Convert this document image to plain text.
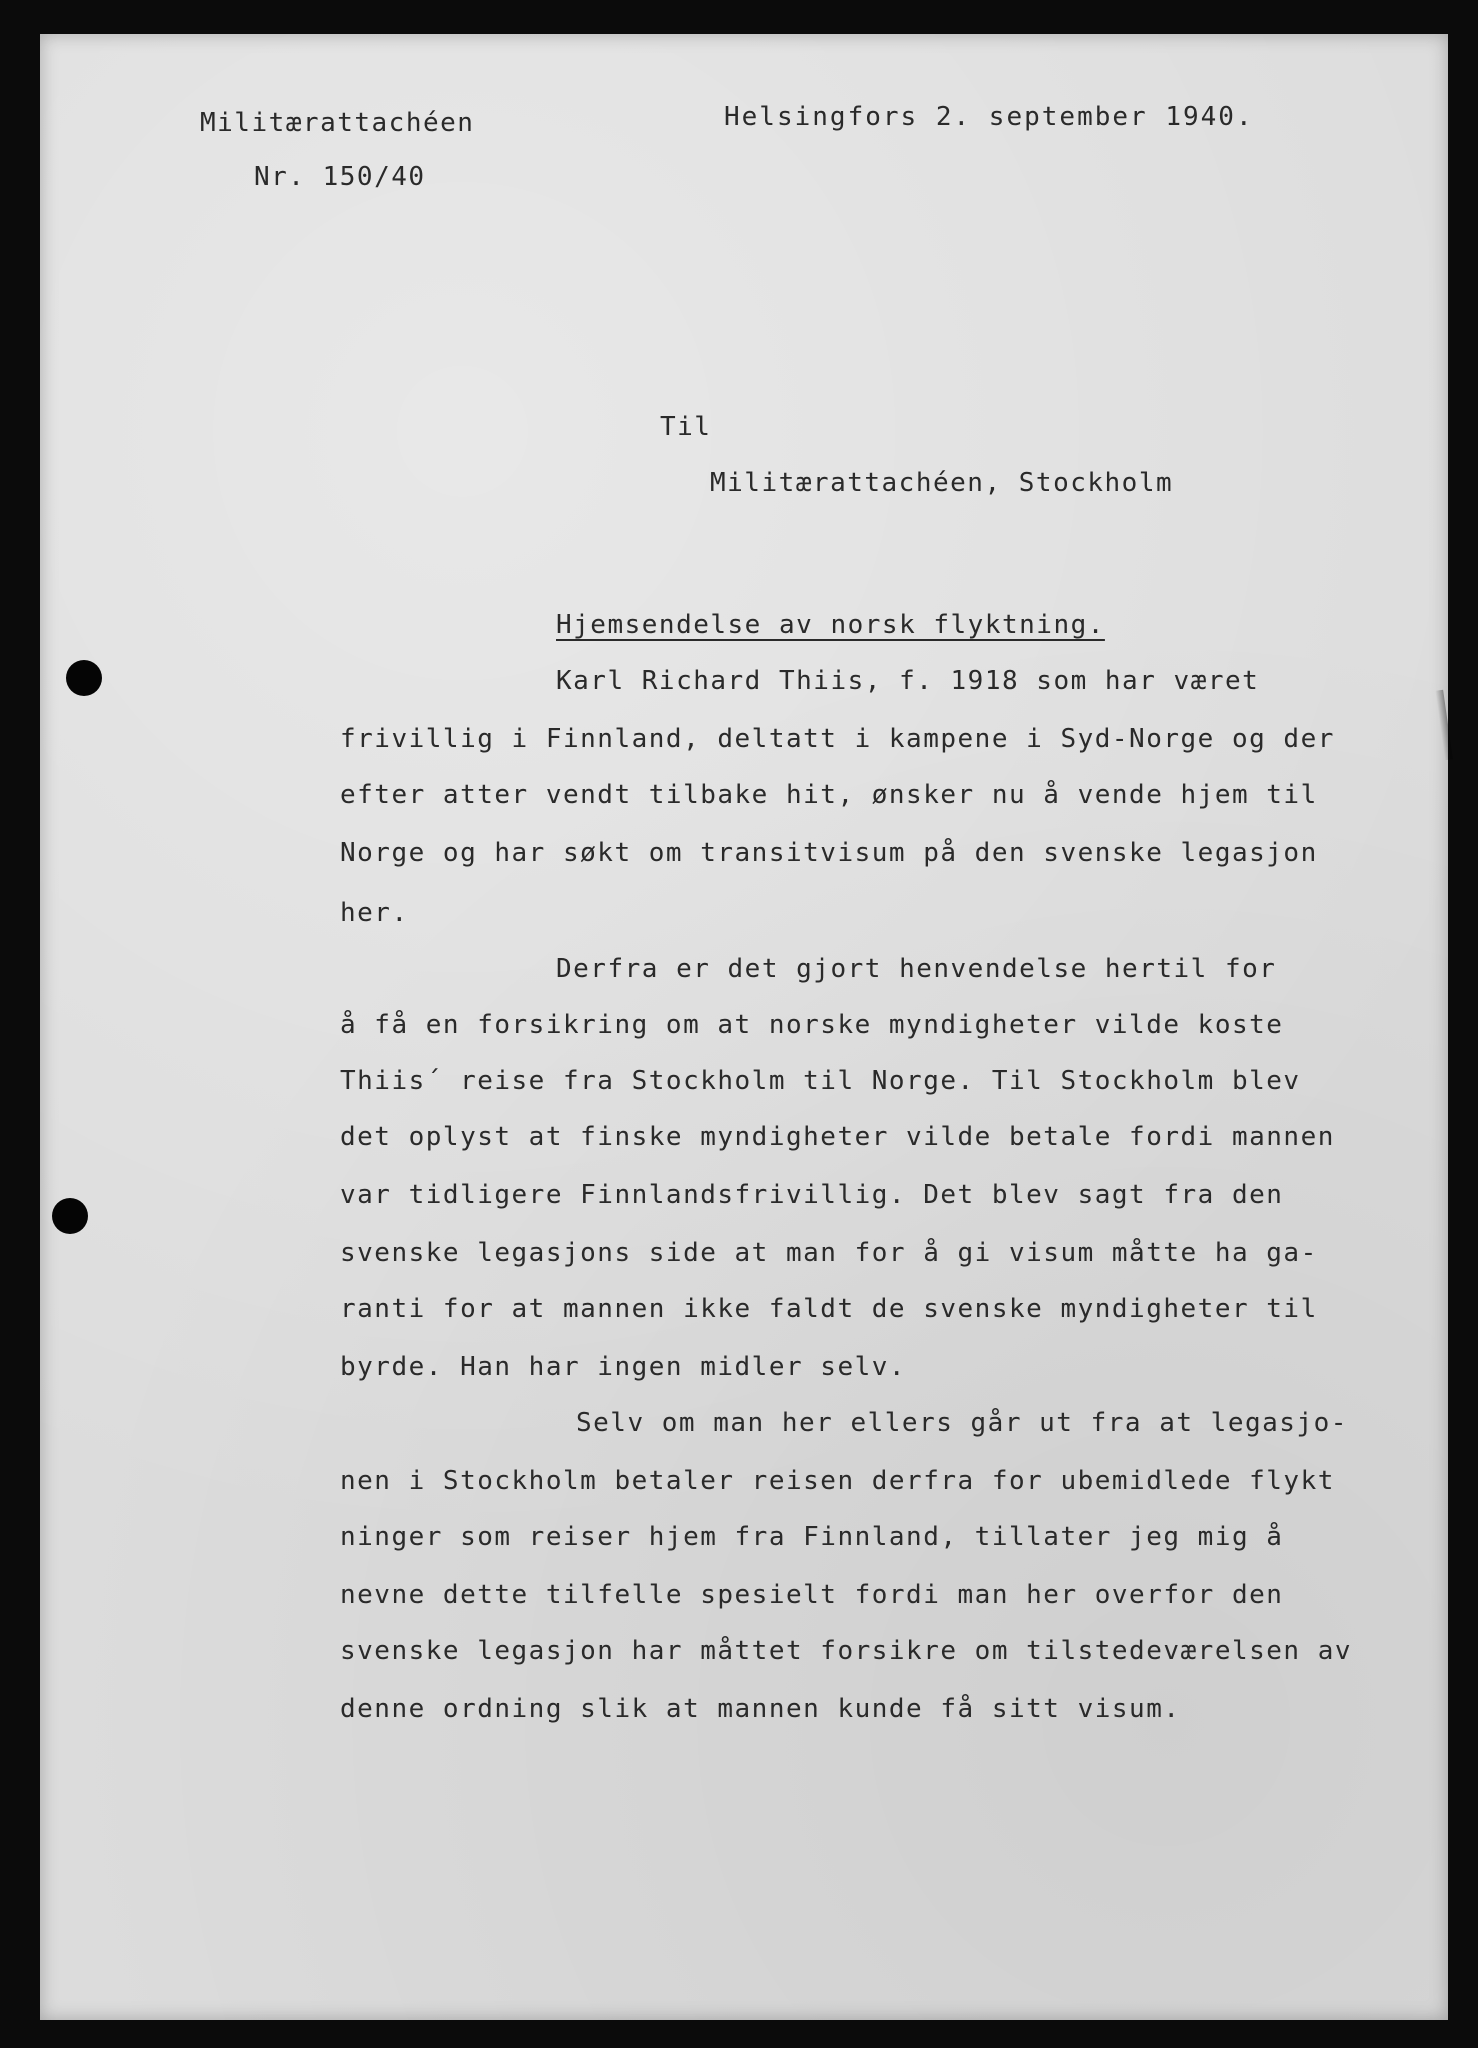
Militærattachéen
Nr. 150/40
Helsingfors 2. september 1940.
Til
Militærattachéen, Stockholm
Hjemsendelse av norsk flyktning.
Karl Richard Thiis, f. 1918 som har været
frivillig i Finnland, deltatt i kampene i Syd-Norge og der
efter atter vendt tilbake hit, ønsker nu å vende hjem til
Norge og har søkt om transitvisum på den svenske legasjon
her.
Derfra er det gjort henvendelse hertil for
å få en forsikring om at norske myndigheter vilde koste
Thiis´ reise fra Stockholm til Norge. Til Stockholm blev
det oplyst at finske myndigheter vilde betale fordi mannen
var tidligere Finnlandsfrivillig. Det blev sagt fra den
svenske legasjons side at man for å gi visum måtte ha ga-
ranti for at mannen ikke faldt de svenske myndigheter til
byrde. Han har ingen midler selv.
Selv om man her ellers går ut fra at legasjo-
nen i Stockholm betaler reisen derfra for ubemidlede flykt
ninger som reiser hjem fra Finnland, tillater jeg mig å
nevne dette tilfelle spesielt fordi man her overfor den
svenske legasjon har måttet forsikre om tilstedeværelsen av
denne ordning slik at mannen kunde få sitt visum.
